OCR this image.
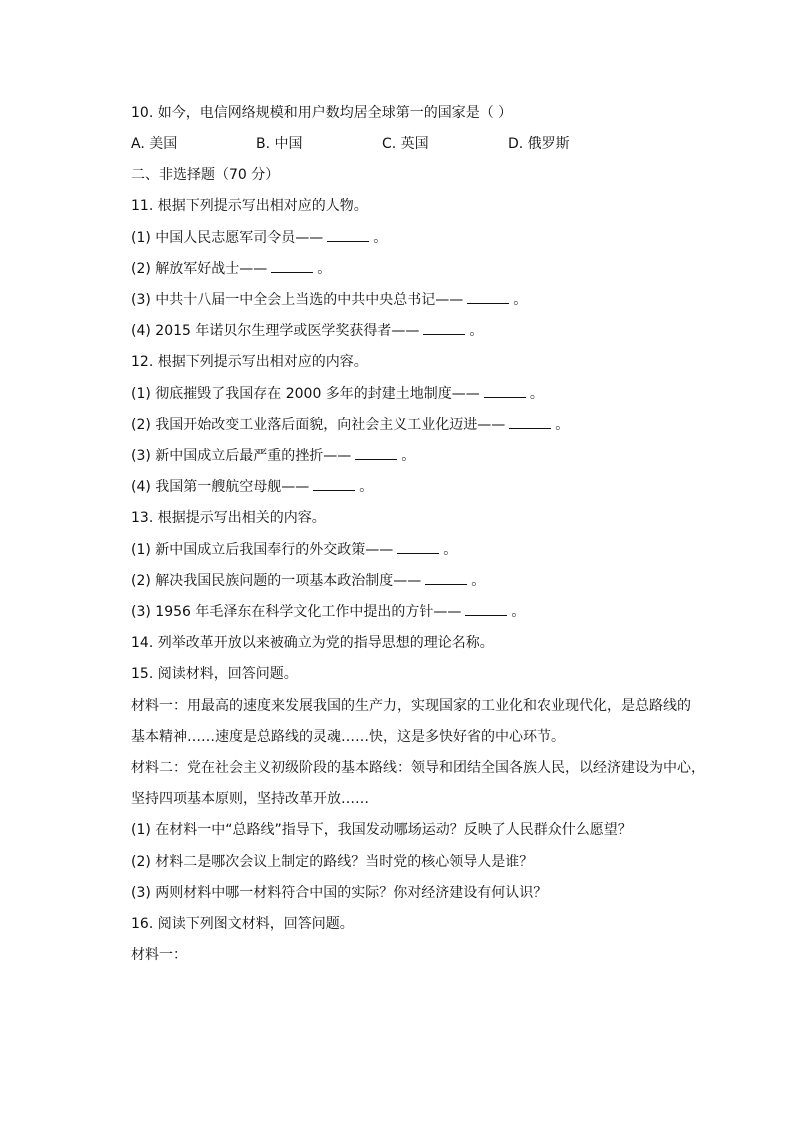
10. 如今，电信网络规模和用户数均居全球第一的国家是（ ）
A. 美国	B. 中国	C. 英国	D. 俄罗斯
二、非选择题（70 分）
11. 根据下列提示写出相对应的人物。
(1) 中国人民志愿军司令员——	。
(2) 解放军好战士——	。
(3) 中共十八届一中全会上当选的中共中央总书记——	。
(4) 2015 年诺贝尔生理学或医学奖获得者——	。
12. 根据下列提示写出相对应的内容。
(1) 彻底摧毁了我国存在 2000 多年的封建土地制度——	。
(2) 我国开始改变工业落后面貌，向社会主义工业化迈进——	。
(3) 新中国成立后最严重的挫折——	。
(4) 我国第一艘航空母舰——	。
13. 根据提示写出相关的内容。
(1) 新中国成立后我国奉行的外交政策——	。
(2) 解决我国民族问题的一项基本政治制度——	。
(3) 1956 年毛泽东在科学文化工作中提出的方针——	。
14. 列举改革开放以来被确立为党的指导思想的理论名称。
15. 阅读材料，回答问题。
材料一：用最高的速度来发展我国的生产力，实现国家的工业化和农业现代化，是总路线的
基本精神……速度是总路线的灵魂……快，这是多快好省的中心环节。
材料二：党在社会主义初级阶段的基本路线：领导和团结全国各族人民，以经济建设为中心，
坚持四项基本原则，坚持改革开放……
(1) 在材料一中“总路线”指导下，我国发动哪场运动？反映了人民群众什么愿望？
(2) 材料二是哪次会议上制定的路线？当时党的核心领导人是谁？
(3) 两则材料中哪一材料符合中国的实际？你对经济建设有何认识？
16. 阅读下列图文材料，回答问题。
材料一：
